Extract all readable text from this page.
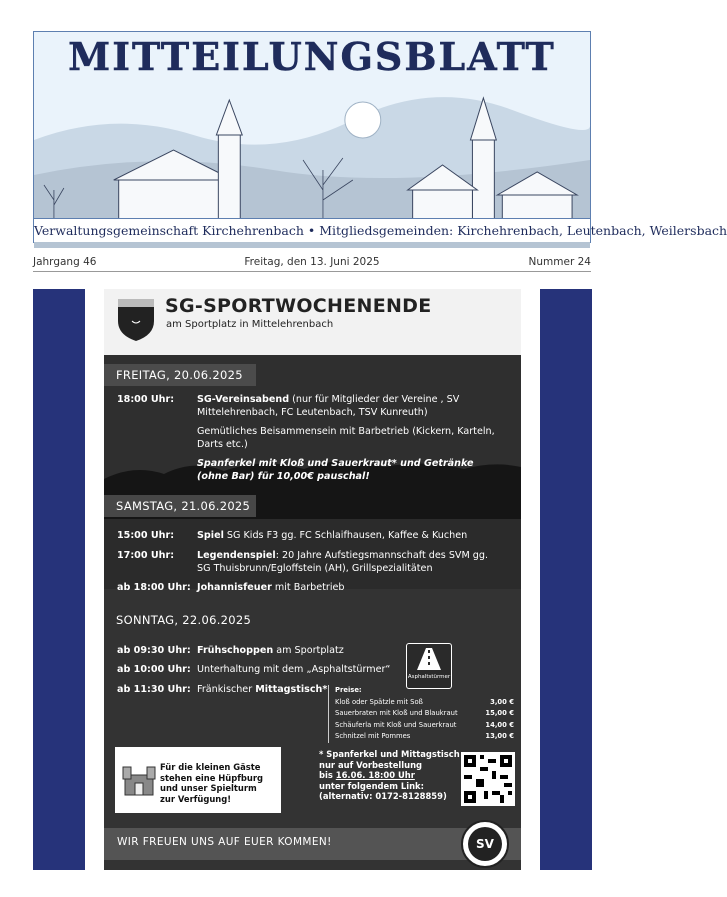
MITTEILUNGSBLATT
Verwaltungsgemeinschaft Kirchehrenbach • Mitgliedsgemeinden: Kirchehrenbach, Leutenbach, Weilersbach
Jahrgang 46	Freitag, den 13. Juni 2025	Nummer 24
SG-SPORTWOCHENENDE
am Sportplatz in Mittelehrenbach
FREITAG, 20.06.2025
18:00 Uhr: SG-Vereinsabend (nur für Mitglieder der Vereine , SV Mittelehrenbach, FC Leutenbach, TSV Kunreuth)
Gemütliches Beisammensein mit Barbetrieb (Kickern, Karteln, Darts etc.)
Spanferkel mit Kloß und Sauerkraut* und Getränke (ohne Bar) für 10,00€ pauschal!
SAMSTAG, 21.06.2025
15:00 Uhr: Spiel SG Kids F3 gg. FC Schlaifhausen, Kaffee & Kuchen
17:00 Uhr: Legendenspiel: 20 Jahre Aufstiegsmannschaft des SVM gg. SG Thuisbrunn/Egloffstein (AH), Grillspezialitäten
ab 18:00 Uhr: Johannisfeuer mit Barbetrieb
SONNTAG, 22.06.2025
ab 09:30 Uhr: Frühschoppen am Sportplatz
ab 10:00 Uhr: Unterhaltung mit dem „Asphaltstürmer“
ab 11:30 Uhr: Fränkischer Mittagstisch*
Asphaltstürmer
Preise:
Kloß oder Spätzle mit Soß	3,00 €
Sauerbraten mit Kloß und Blaukraut	15,00 €
Schäuferla mit Kloß und Sauerkraut	14,00 €
Schnitzel mit Pommes	13,00 €
Für die kleinen Gäste
stehen eine Hüpfburg
und unser Spielturm
zur Verfügung!
* Spanferkel und Mittagstisch
nur auf Vorbestellung
bis 16.06. 18:00 Uhr
unter folgendem Link:
(alternativ: 0172-8128859)
WIR FREUEN UNS AUF EUER KOMMEN!	SV
